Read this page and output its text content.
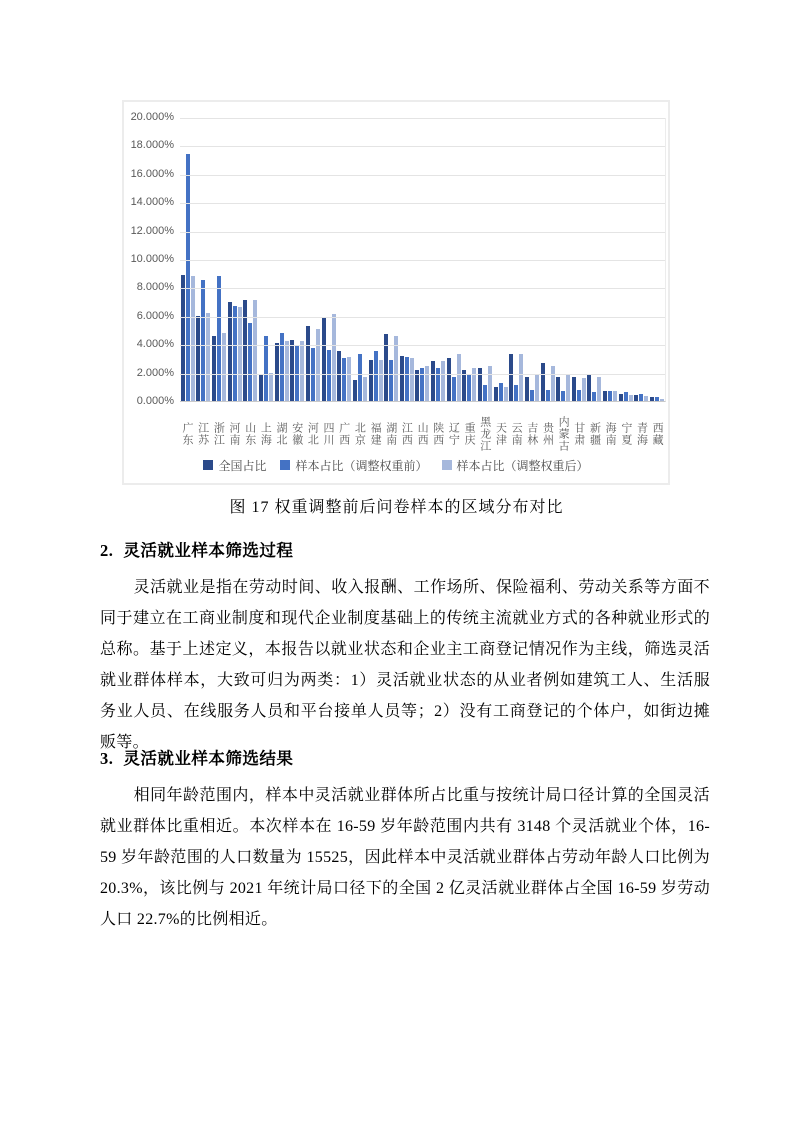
20.000%
18.000%
16.000%
14.000%
12.000%
10.000%
8.000%
6.000%
4.000%
2.000%
0.000%
广东 江苏 浙江 河南 山东 上海 湖北 安徽 河北 四川 广西 北京 福建 湖南 江西 山西 陕西 辽宁 重庆 黑龙江 天津 云南 吉林 贵州 内蒙古 甘肃 新疆 海南 宁夏 青海 西藏
全国占比 样本占比（调整权重前） 样本占比（调整权重后）
图 17 权重调整前后问卷样本的区域分布对比
2. 灵活就业样本筛选过程
灵活就业是指在劳动时间、收入报酬、工作场所、保险福利、劳动关系等方面不同于建立在工商业制度和现代企业制度基础上的传统主流就业方式的各种就业形式的总称。基于上述定义，本报告以就业状态和企业主工商登记情况作为主线，筛选灵活就业群体样本，大致可归为两类：1）灵活就业状态的从业者例如建筑工人、生活服务业人员、在线服务人员和平台接单人员等；2）没有工商登记的个体户，如街边摊贩等。
3. 灵活就业样本筛选结果
相同年龄范围内，样本中灵活就业群体所占比重与按统计局口径计算的全国灵活就业群体比重相近。本次样本在 16-59 岁年龄范围内共有 3148 个灵活就业个体，16-59 岁年龄范围的人口数量为 15525，因此样本中灵活就业群体占劳动年龄人口比例为 20.3%，该比例与 2021 年统计局口径下的全国 2 亿灵活就业群体占全国 16-59 岁劳动人口 22.7%的比例相近。
